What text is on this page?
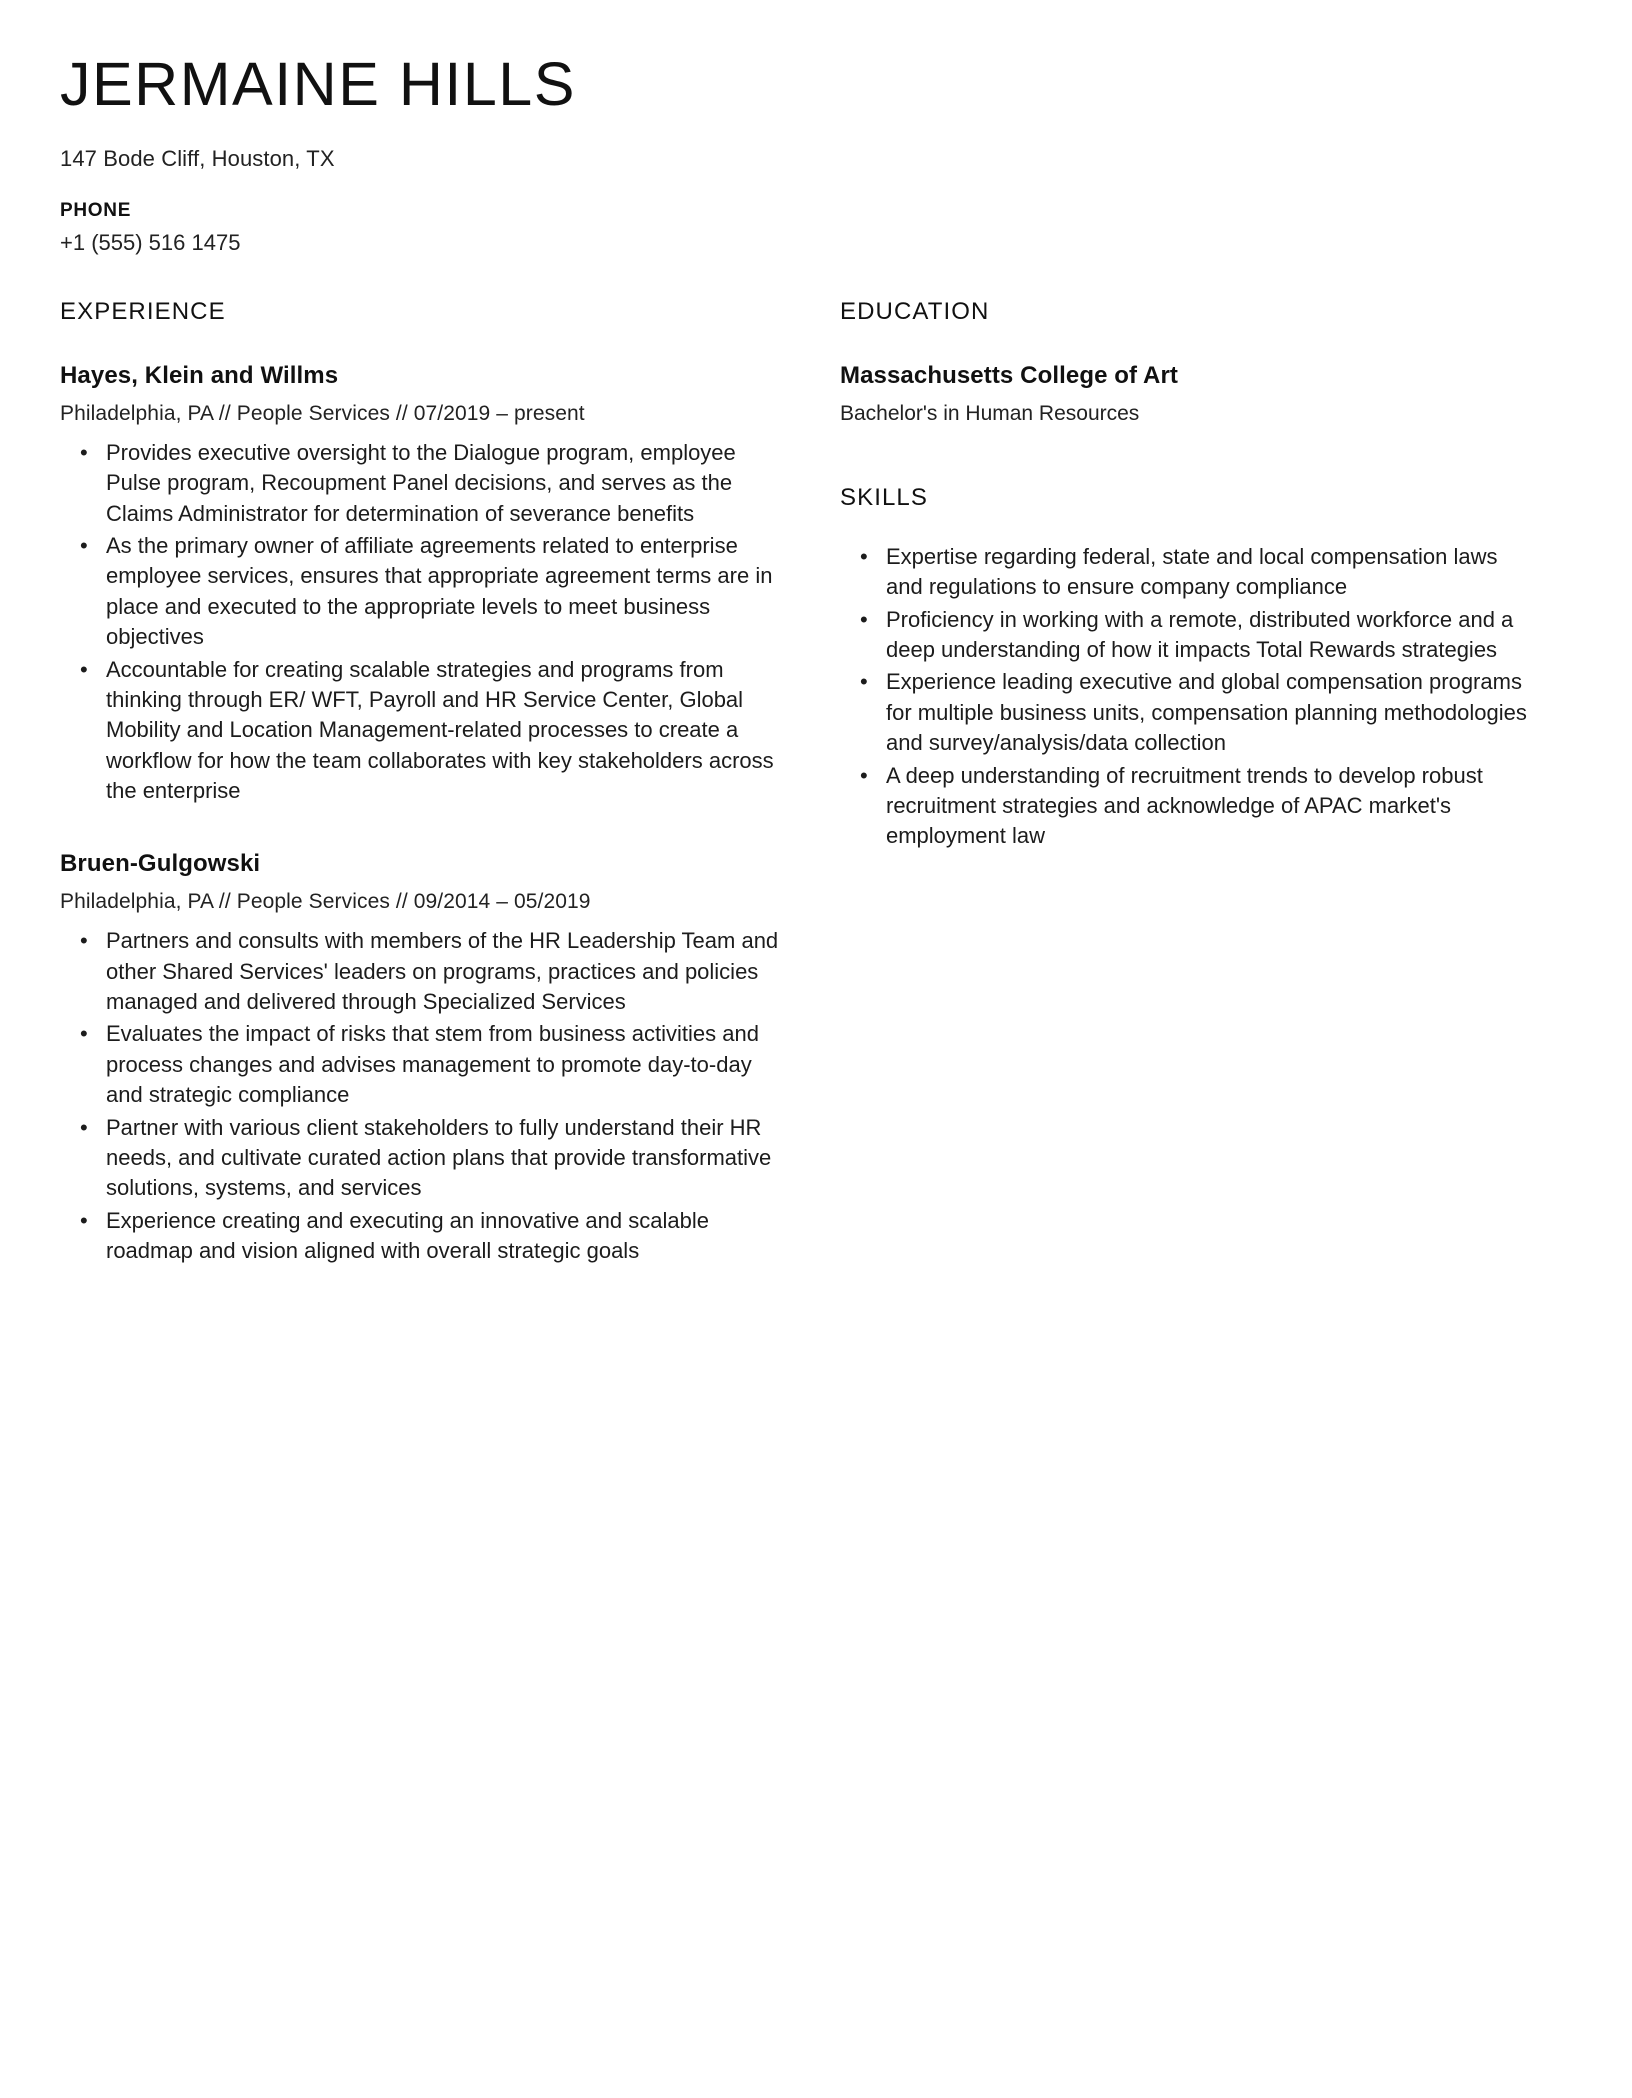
JERMAINE HILLS
147 Bode Cliff, Houston, TX
PHONE
+1 (555) 516 1475
EXPERIENCE
Hayes, Klein and Willms
Philadelphia, PA // People Services // 07/2019 – present
• Provides executive oversight to the Dialogue program, employee Pulse program, Recoupment Panel decisions, and serves as the Claims Administrator for determination of severance benefits
• As the primary owner of affiliate agreements related to enterprise employee services, ensures that appropriate agreement terms are in place and executed to the appropriate levels to meet business objectives
• Accountable for creating scalable strategies and programs from thinking through ER/ WFT, Payroll and HR Service Center, Global Mobility and Location Management-related processes to create a workflow for how the team collaborates with key stakeholders across the enterprise
Bruen-Gulgowski
Philadelphia, PA // People Services // 09/2014 – 05/2019
• Partners and consults with members of the HR Leadership Team and other Shared Services' leaders on programs, practices and policies managed and delivered through Specialized Services
• Evaluates the impact of risks that stem from business activities and process changes and advises management to promote day-to-day and strategic compliance
• Partner with various client stakeholders to fully understand their HR needs, and cultivate curated action plans that provide transformative solutions, systems, and services
• Experience creating and executing an innovative and scalable roadmap and vision aligned with overall strategic goals
EDUCATION
Massachusetts College of Art
Bachelor's in Human Resources
SKILLS
• Expertise regarding federal, state and local compensation laws and regulations to ensure company compliance
• Proficiency in working with a remote, distributed workforce and a deep understanding of how it impacts Total Rewards strategies
• Experience leading executive and global compensation programs for multiple business units, compensation planning methodologies and survey/analysis/data collection
• A deep understanding of recruitment trends to develop robust recruitment strategies and acknowledge of APAC market's employment law
